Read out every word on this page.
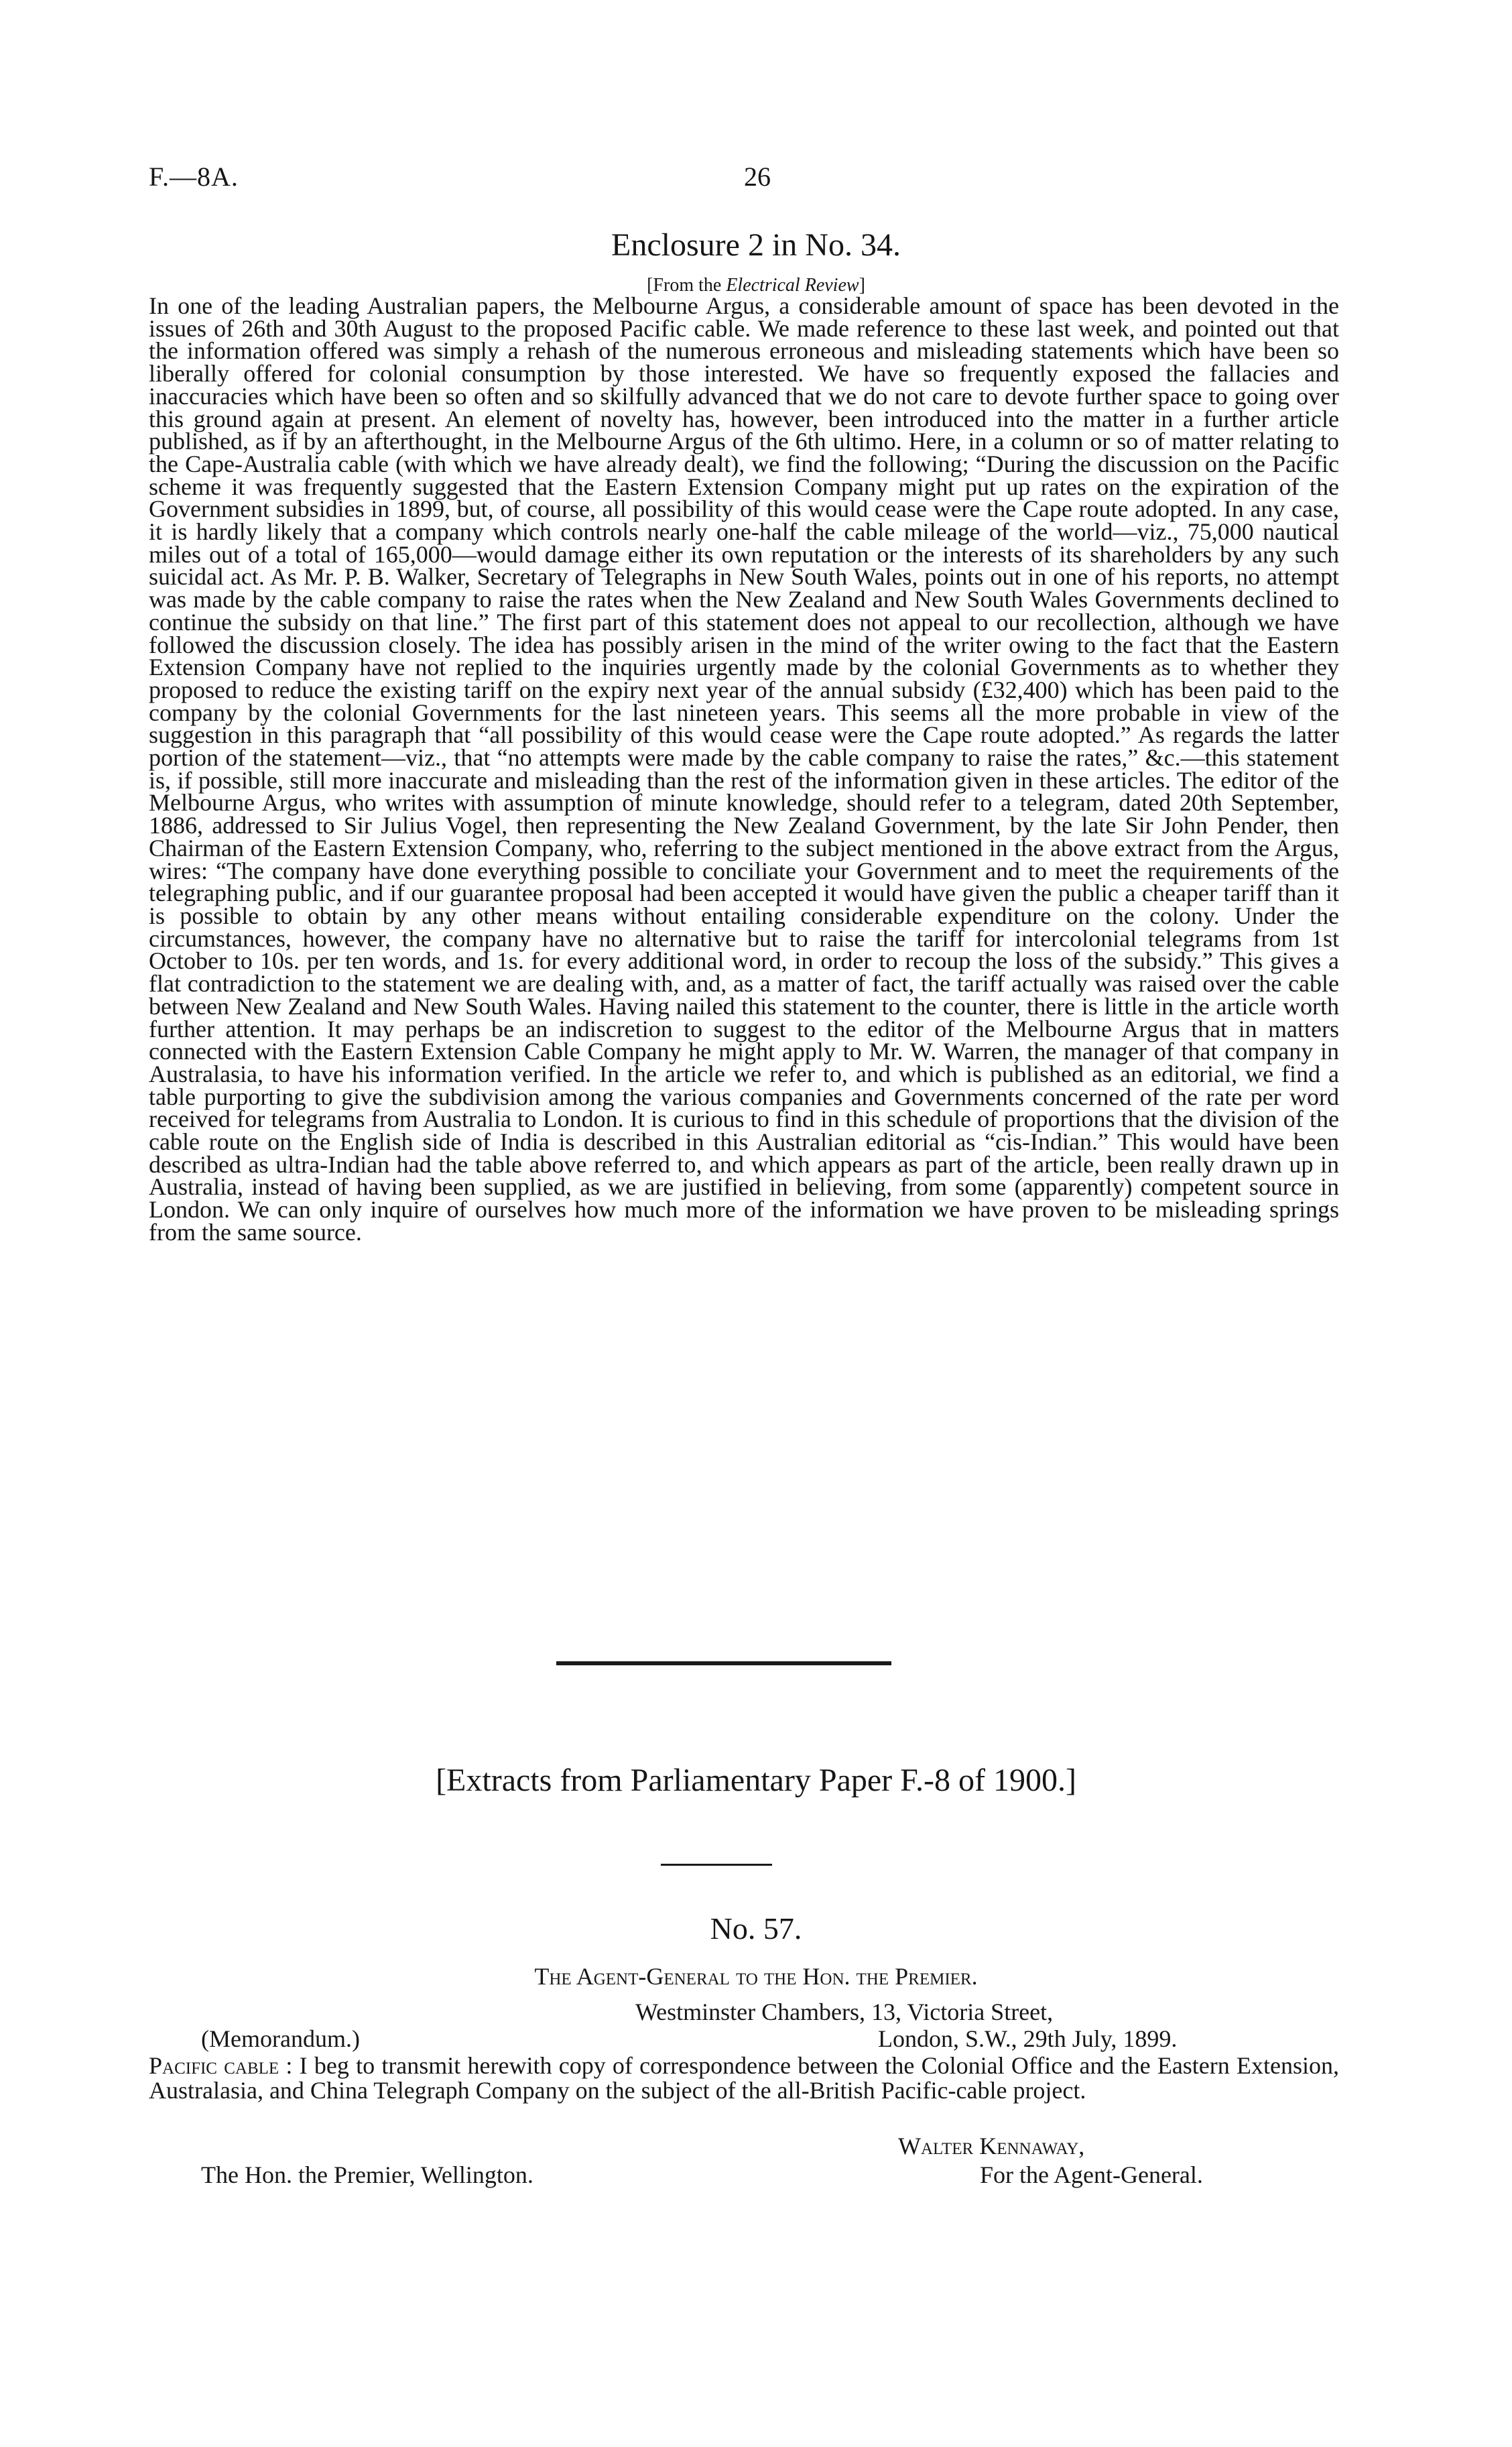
F.—8A.	26
Enclosure 2 in No. 34.
[From the Electrical Review]

In one of the leading Australian papers, the Melbourne Argus, a considerable amount of space has been devoted in the issues of 26th and 30th August to the proposed Pacific cable. We made reference to these last week, and pointed out that the information offered was simply a rehash of the numerous erroneous and misleading statements which have been so liberally offered for colonial consumption by those interested. We have so frequently exposed the fallacies and inaccuracies which have been so often and so skilfully advanced that we do not care to devote further space to going over this ground again at present. An element of novelty has, however, been introduced into the matter in a further article published, as if by an afterthought, in the Melbourne Argus of the 6th ultimo. Here, in a column or so of matter relating to the Cape-Australia cable (with which we have already dealt), we find the following; “During the discussion on the Pacific scheme it was frequently suggested that the Eastern Extension Company might put up rates on the expiration of the Government subsidies in 1899, but, of course, all possibility of this would cease were the Cape route adopted. In any case, it is hardly likely that a company which controls nearly one-half the cable mileage of the world—viz., 75,000 nautical miles out of a total of 165,000—would damage either its own reputation or the interests of its shareholders by any such suicidal act. As Mr. P. B. Walker, Secretary of Telegraphs in New South Wales, points out in one of his reports, no attempt was made by the cable company to raise the rates when the New Zealand and New South Wales Governments declined to continue the subsidy on that line.” The first part of this statement does not appeal to our recollection, although we have followed the discussion closely. The idea has possibly arisen in the mind of the writer owing to the fact that the Eastern Extension Company have not replied to the inquiries urgently made by the colonial Governments as to whether they proposed to reduce the existing tariff on the expiry next year of the annual subsidy (£32,400) which has been paid to the company by the colonial Governments for the last nineteen years. This seems all the more probable in view of the suggestion in this paragraph that “all possibility of this would cease were the Cape route adopted.” As regards the latter portion of the statement—viz., that “no attempts were made by the cable company to raise the rates,” &c.—this statement is, if possible, still more inaccurate and misleading than the rest of the information given in these articles. The editor of the Melbourne Argus, who writes with assumption of minute knowledge, should refer to a telegram, dated 20th September, 1886, addressed to Sir Julius Vogel, then representing the New Zealand Government, by the late Sir John Pender, then Chairman of the Eastern Extension Company, who, referring to the subject mentioned in the above extract from the Argus, wires: “The company have done everything possible to conciliate your Government and to meet the requirements of the telegraphing public, and if our guarantee proposal had been accepted it would have given the public a cheaper tariff than it is possible to obtain by any other means without entailing considerable expenditure on the colony. Under the circumstances, however, the company have no alternative but to raise the tariff for intercolonial telegrams from 1st October to 10s. per ten words, and 1s. for every additional word, in order to recoup the loss of the subsidy.” This gives a flat contradiction to the statement we are dealing with, and, as a matter of fact, the tariff actually was raised over the cable between New Zealand and New South Wales. Having nailed this statement to the counter, there is little in the article worth further attention. It may perhaps be an indiscretion to suggest to the editor of the Melbourne Argus that in matters connected with the Eastern Extension Cable Company he might apply to Mr. W. Warren, the manager of that company in Australasia, to have his information verified. In the article we refer to, and which is published as an editorial, we find a table purporting to give the subdivision among the various companies and Governments concerned of the rate per word received for telegrams from Australia to London. It is curious to find in this schedule of proportions that the division of the cable route on the English side of India is described in this Australian editorial as “cis-Indian.” This would have been described as ultra-Indian had the table above referred to, and which appears as part of the article, been really drawn up in Australia, instead of having been supplied, as we are justified in believing, from some (apparently) competent source in London. We can only inquire of ourselves how much more of the information we have proven to be misleading springs from the same source.

[Extracts from Parliamentary Paper F.-8 of 1900.]
No. 57.
The Agent-General to the Hon. the Premier.
Westminster Chambers, 13, Victoria Street,
(Memorandum.)	London, S.W., 29th July, 1899.
Pacific cable : I beg to transmit herewith copy of correspondence between the Colonial Office and the Eastern Extension, Australasia, and China Telegraph Company on the subject of the all-British Pacific-cable project.
Walter Kennaway,
The Hon. the Premier, Wellington.	For the Agent-General.
